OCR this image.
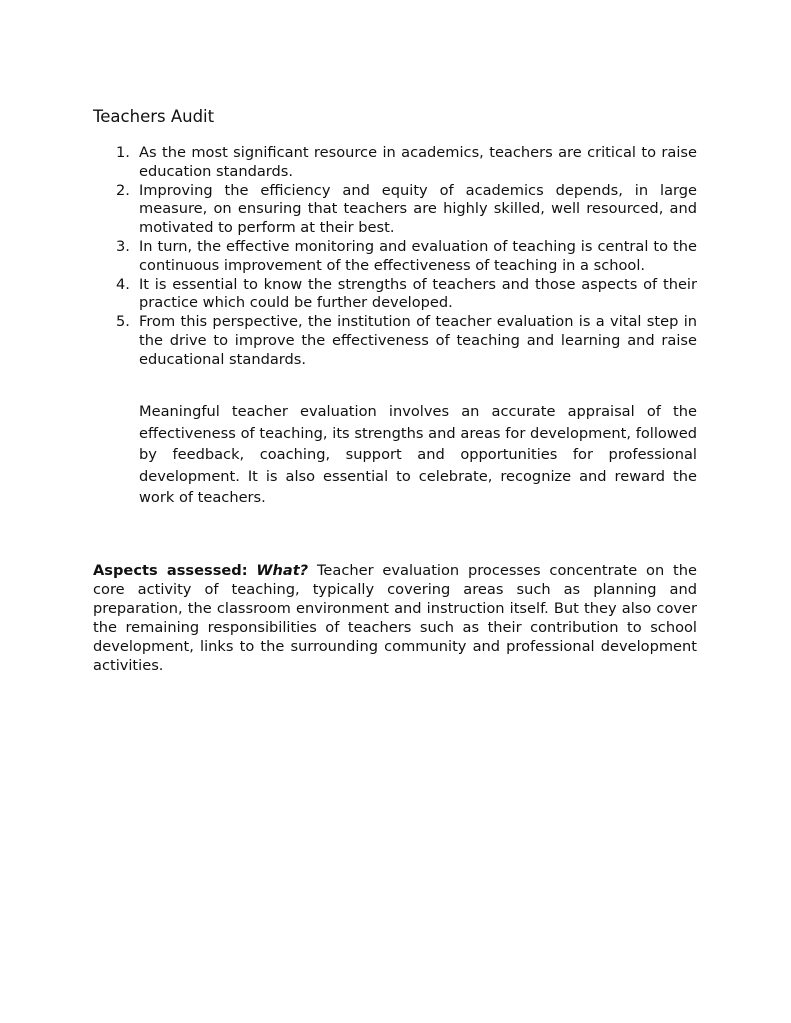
Teachers Audit
1. As the most significant resource in academics, teachers are critical to raise education standards.
2. Improving the efficiency and equity of academics depends, in large measure, on ensuring that teachers are highly skilled, well resourced, and motivated to perform at their best.
3. In turn, the effective monitoring and evaluation of teaching is central to the continuous improvement of the effectiveness of teaching in a school.
4. It is essential to know the strengths of teachers and those aspects of their practice which could be further developed.
5. From this perspective, the institution of teacher evaluation is a vital step in the drive to improve the effectiveness of teaching and learning and raise educational standards.

Meaningful teacher evaluation involves an accurate appraisal of the effectiveness of teaching, its strengths and areas for development, followed by feedback, coaching, support and opportunities for professional development. It is also essential to celebrate, recognize and reward the work of teachers.

Aspects assessed: What? Teacher evaluation processes concentrate on the core activity of teaching, typically covering areas such as planning and preparation, the classroom environment and instruction itself. But they also cover the remaining responsibilities of teachers such as their contribution to school development, links to the surrounding community and professional development activities.
